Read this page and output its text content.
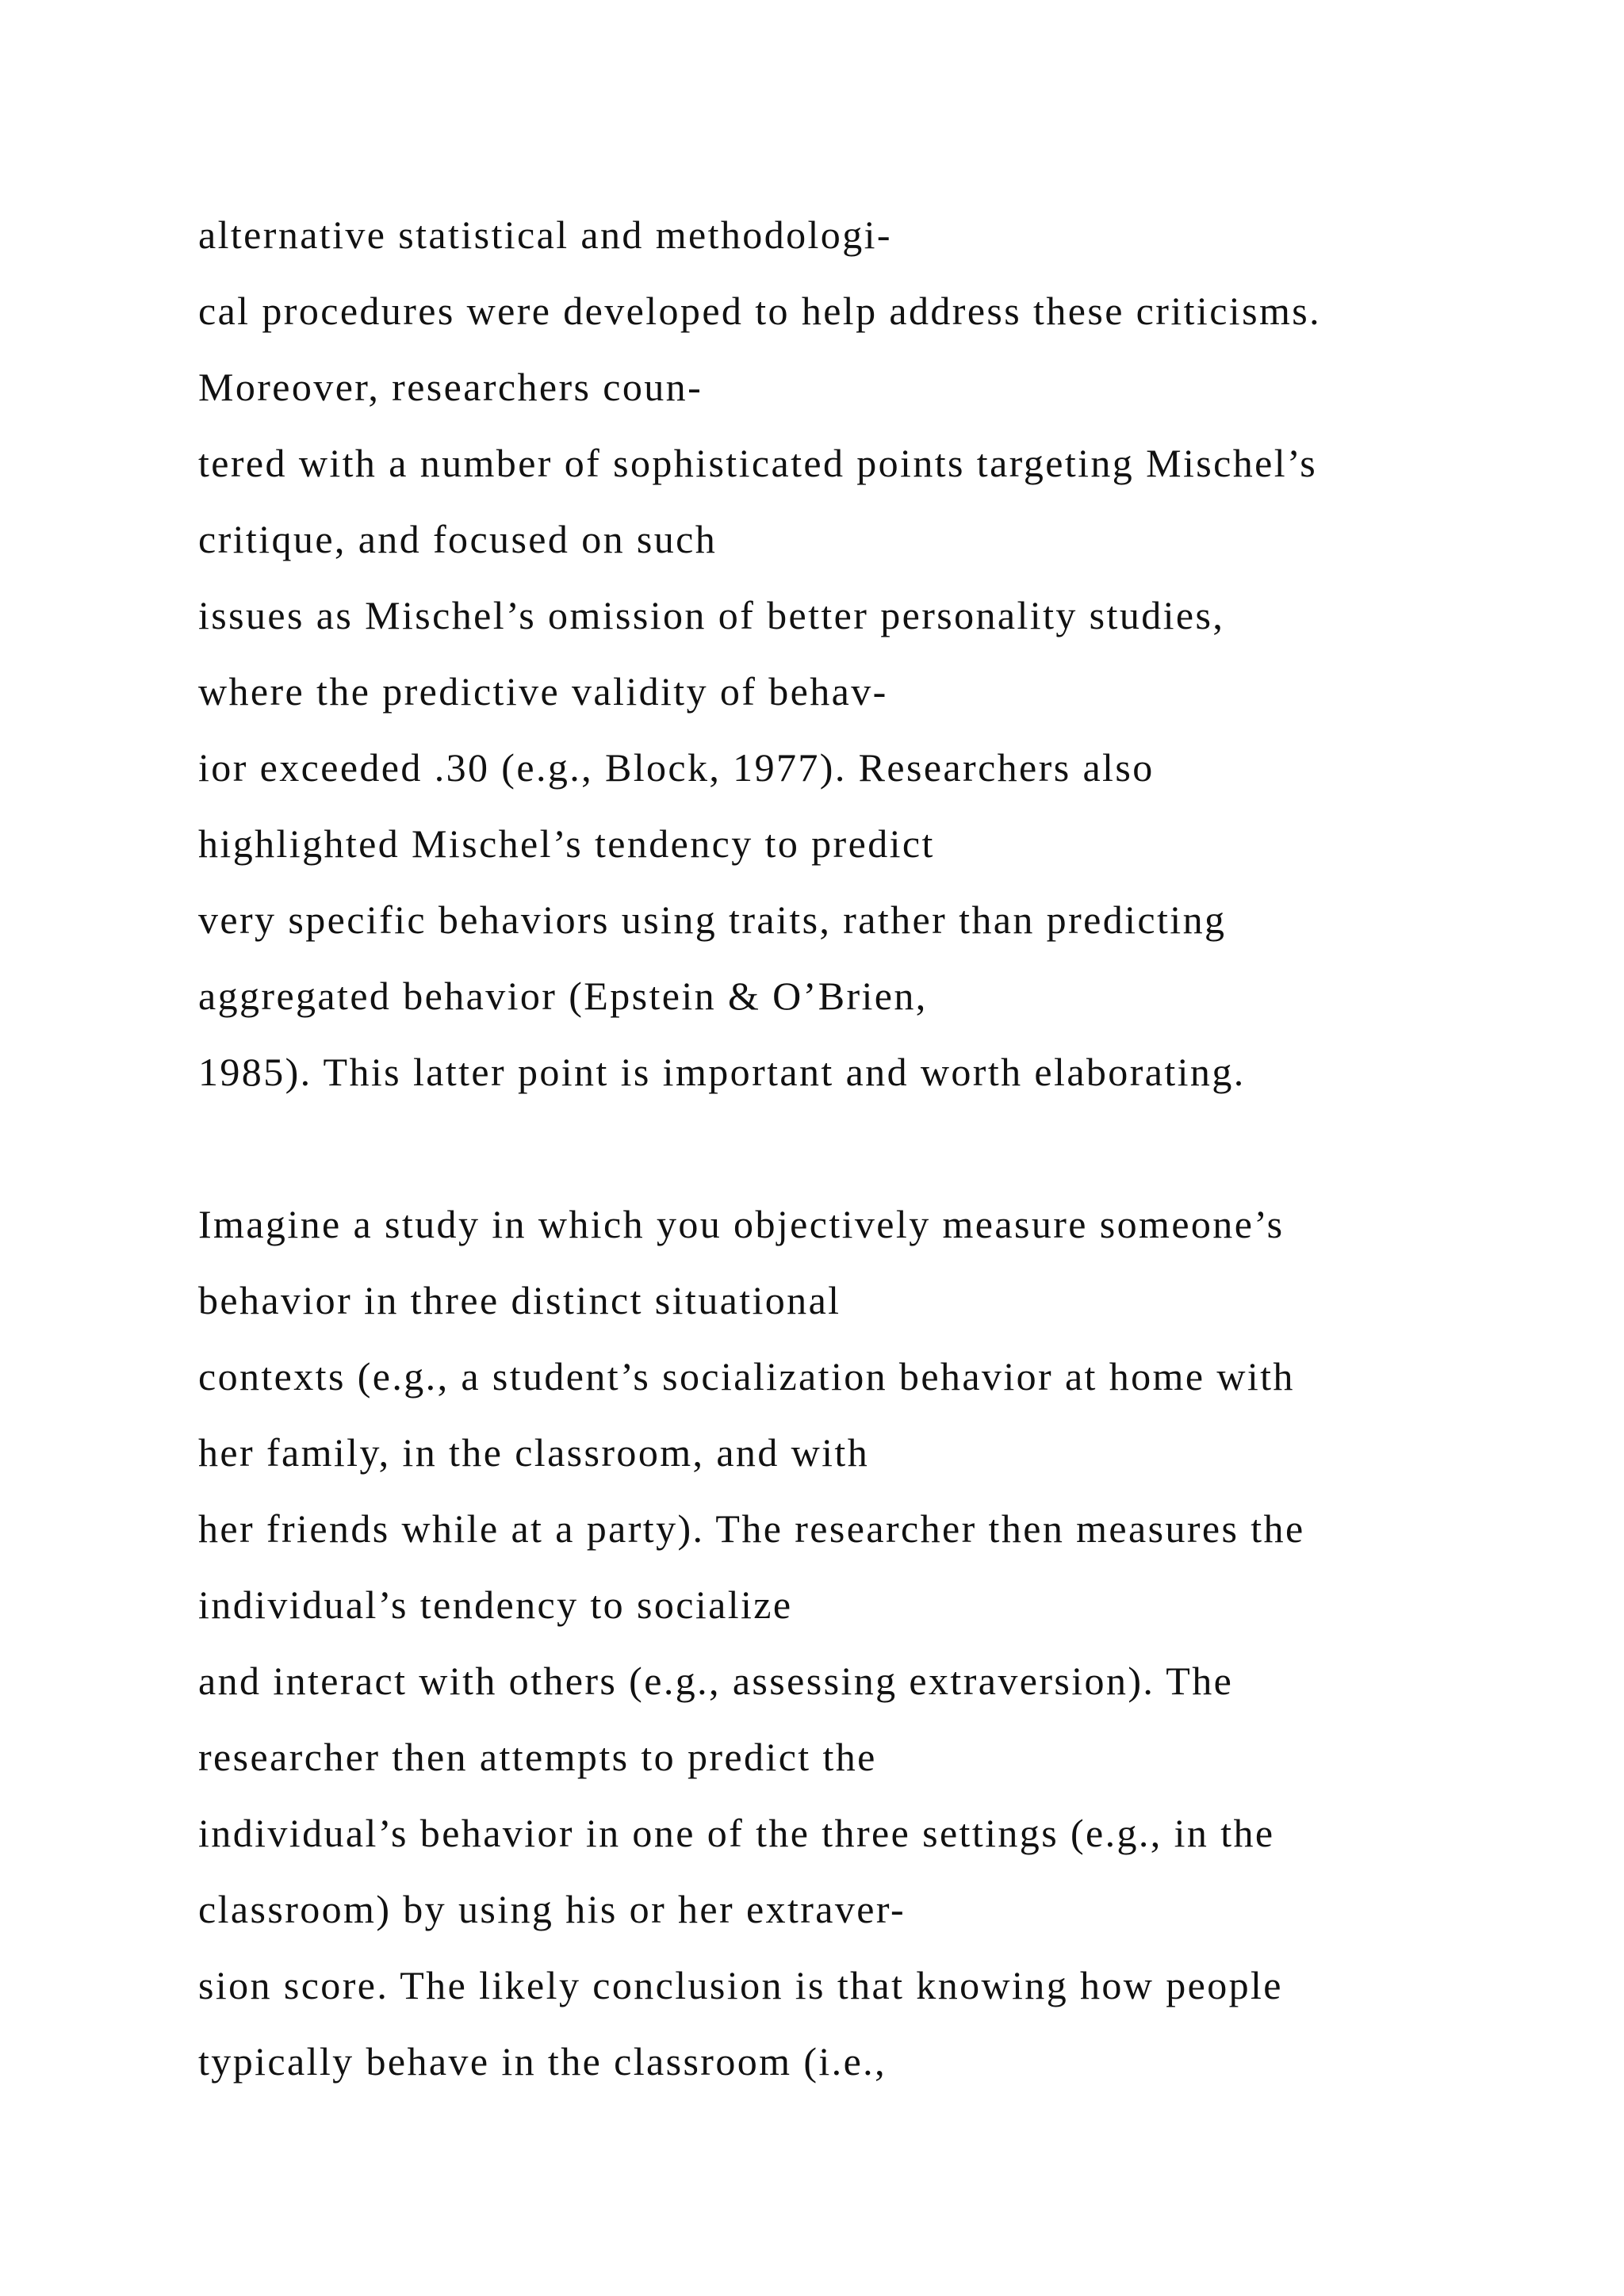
alternative statistical and methodologi-
cal procedures were developed to help address these criticisms.
Moreover, researchers coun-
tered with a number of sophisticated points targeting Mischel’s
critique, and focused on such
issues as Mischel’s omission of better personality studies,
where the predictive validity of behav-
ior exceeded .30 (e.g., Block, 1977). Researchers also
highlighted Mischel’s tendency to predict
very specific behaviors using traits, rather than predicting
aggregated behavior (Epstein & O’Brien,
1985). This latter point is important and worth elaborating.
Imagine a study in which you objectively measure someone’s
behavior in three distinct situational
contexts (e.g., a student’s socialization behavior at home with
her family, in the classroom, and with
her friends while at a party). The researcher then measures the
individual’s tendency to socialize
and interact with others (e.g., assessing extraversion). The
researcher then attempts to predict the
individual’s behavior in one of the three settings (e.g., in the
classroom) by using his or her extraver-
sion score. The likely conclusion is that knowing how people
typically behave in the classroom (i.e.,
